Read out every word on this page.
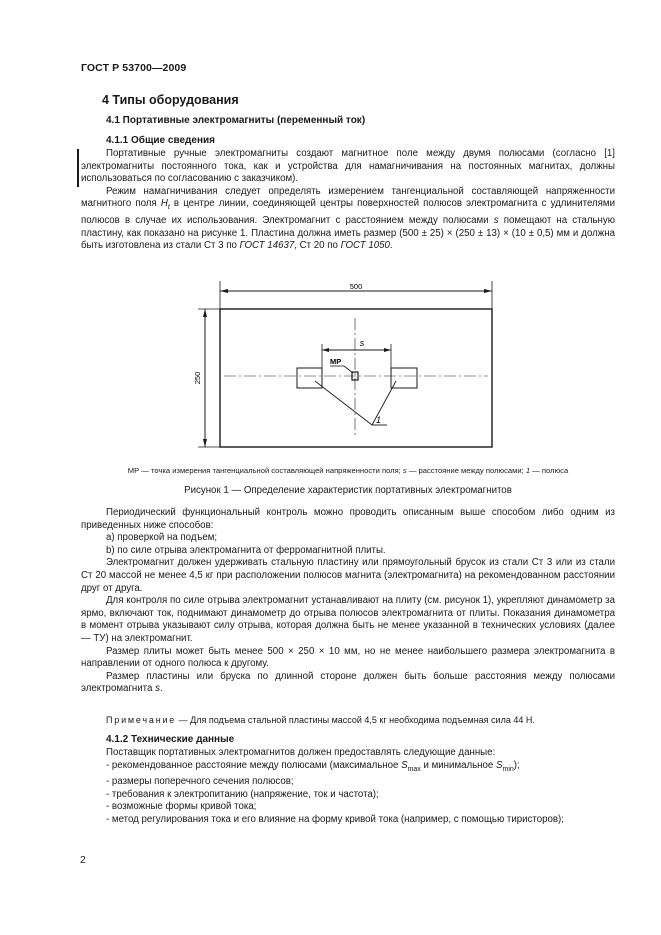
ГОСТ Р 53700—2009
4 Типы оборудования
4.1 Портативные электромагниты (переменный ток)
4.1.1 Общие сведения

Портативные ручные электромагниты создают магнитное поле между двумя полюсами (согласно [1] электромагниты постоянного тока, как и устройства для намагничивания на постоянных магнитах, должны использоваться по согласованию с заказчиком).

Режим намагничивания следует определять измерением тангенциальной составляющей напряженности магнитного поля $H_t$ в центре линии, соединяющей центры поверхностей полюсов электромагнита с удлинителями полюсов в случае их использования. Электромагнит с расстоянием между полюсами s помещают на стальную пластину, как показано на рисунке 1. Пластина должна иметь размер (500 ± 25) × (250 ± 13) × (10 ± 0,5) мм и должна быть изготовлена из стали Ст 3 по ГОСТ 14637, Ст 20 по ГОСТ 1050.

500
250
s
МР
1
МР — точка измерения тангенциальной составляющей напряженности поля; s — расстояние между полюсами; 1 — полюса
Рисунок 1 — Определение характеристик портативных электромагнитов

Периодический функциональный контроль можно проводить описанным выше способом либо одним из приведенных ниже способов:

а) проверкой на подъем;

b) по силе отрыва электромагнита от ферромагнитной плиты.

Электромагнит должен удерживать стальную пластину или прямоугольный брусок из стали Ст 3 или из стали Ст 20 массой не менее 4,5 кг при расположении полюсов магнита (электромагнита) на рекомендованном расстоянии друг от друга.

Для контроля по силе отрыва электромагнит устанавливают на плиту (см. рисунок 1), укрепляют динамометр за ярмо, включают ток, поднимают динамометр до отрыва полюсов электромагнита от плиты. Показания динамометра в момент отрыва указывают силу отрыва, которая должна быть не менее указанной в технических условиях (далее — ТУ) на электромагнит.

Размер плиты может быть менее 500 × 250 × 10 мм, но не менее наибольшего размера электромагнита в направлении от одного полюса к другому.

Размер пластины или бруска по длинной стороне должен быть больше расстояния между полюсами электромагнита s.

Примечание — Для подъема стальной пластины массой 4,5 кг необходима подъемная сила 44 Н.
4.1.2 Технические данные

Поставщик портативных электромагнитов должен предоставлять следующие данные:

- рекомендованное расстояние между полюсами (максимальное $S_{max}$ и минимальное $S_{min}$);

- размеры поперечного сечения полюсов;

- требования к электропитанию (напряжение, ток и частота);

- возможные формы кривой тока;

- метод регулирования тока и его влияние на форму кривой тока (например, с помощью тиристоров);

2
